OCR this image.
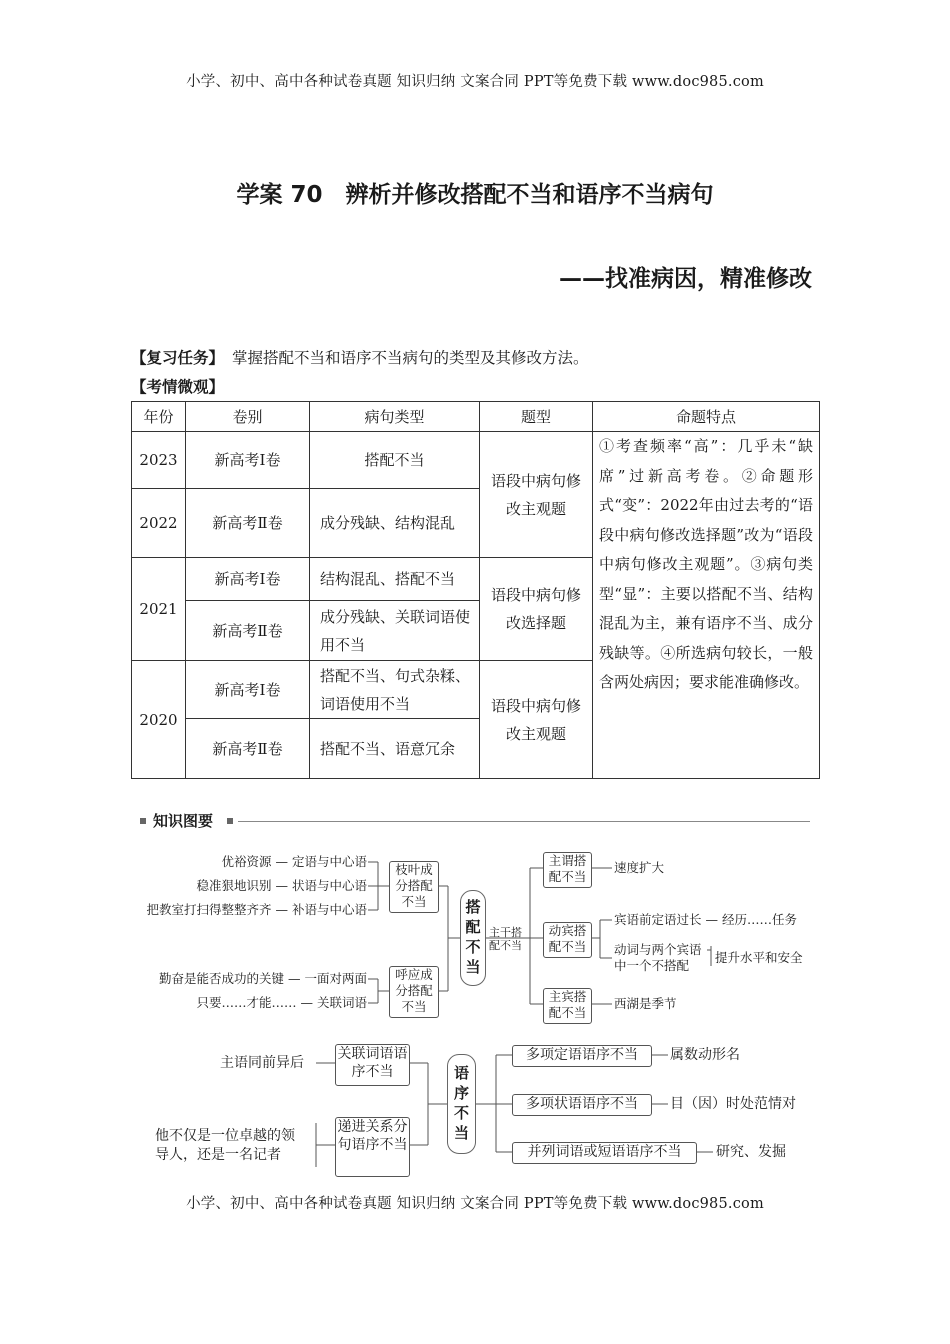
小学、初中、高中各种试卷真题 知识归纳 文案合同 PPT等免费下载 www.doc985.com
小学、初中、高中各种试卷真题 知识归纳 文案合同 PPT等免费下载 www.doc985.com
学案 70　辨析并修改搭配不当和语序不当病句
——找准病因，精准修改
【复习任务】 掌握搭配不当和语序不当病句的类型及其修改方法。
【考情微观】
年份	卷别	病句类型	题型	命题特点
2023	新高考Ⅰ卷	搭配不当	语段中病句修改主观题	①考查频率“高”：几乎未“缺席”过新高考卷。②命题形式“变”：2022年由过去考的“语段中病句修改选择题”改为“语段中病句修改主观题”。③病句类型“显”：主要以搭配不当、结构混乱为主，兼有语序不当、成分残缺等。④所选病句较长，一般含两处病因；要求能准确修改。
2022	新高考Ⅱ卷	成分残缺、结构混乱		
2021	新高考Ⅰ卷	结构混乱、搭配不当	语段中病句修改选择题	
	新高考Ⅱ卷	成分残缺、关联词语使用不当		
2020	新高考Ⅰ卷	搭配不当、句式杂糅、词语使用不当	语段中病句修改主观题	
	新高考Ⅱ卷	搭配不当、语意冗余		
知识图要
优裕资源 — 定语与中心语
稳准狠地识别 — 状语与中心语
把教室打扫得整整齐齐 — 补语与中心语
勤奋是能否成功的关键 — 一面对两面
只要……才能…… — 关联词语
枝叶成分搭配不当
呼应成分搭配不当
搭配不当
主干搭配不当
主谓搭配不当
动宾搭配不当
主宾搭配不当
速度扩大
宾语前定语过长 — 经历……任务
动词与两个宾语中一个不搭配
提升水平和安全
西湖是季节
主语同前异后
他不仅是一位卓越的领导人，还是一名记者
关联词语语序不当
递进关系分句语序不当
语序不当
多项定语语序不当
多项状语语序不当
并列词语或短语语序不当
属数动形名
目（因）时处范情对
研究、发掘
